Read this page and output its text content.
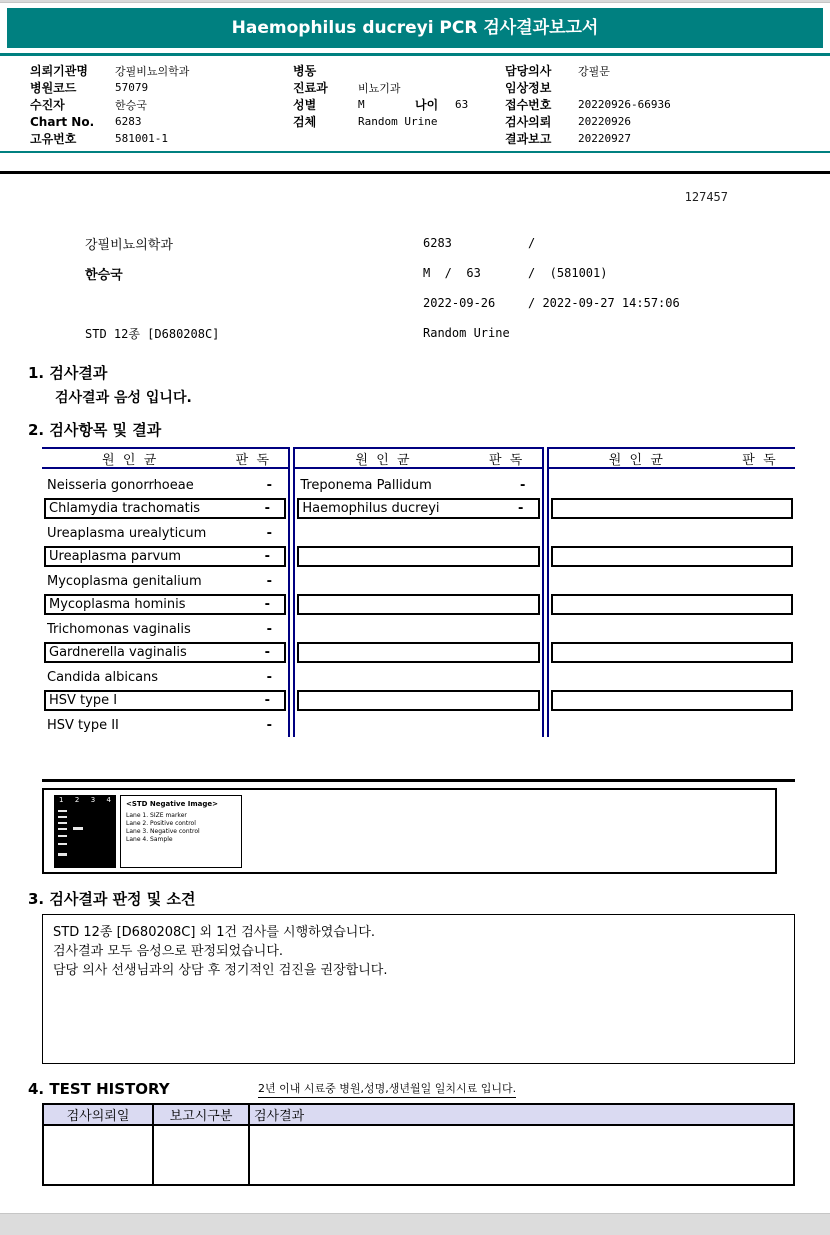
Haemophilus ducreyi PCR 검사결과보고서
의뢰기관명	강필비뇨의학과
병원코드	57079
수진자	한승국
Chart No.	6283
고유번호	581001-1
병동
진료과	비뇨기과
성별	M	나이	63
검체	Random Urine
담당의사	강필문
임상정보
접수번호	20220926-66936
검사의뢰	20220926
결과보고	20220927
127457
강필비뇨의학과	6283	/
한승국	M  /  63	/  (581001)
2022-09-26	/ 2022-09-27 14:57:06
STD 12종 [D680208C]	Random Urine
1. 검사결과
검사결과 음성 입니다.
2. 검사항목 및 결과
원  인  균	판  독
Neisseria gonorrhoeae	-
Chlamydia trachomatis	-
Ureaplasma urealyticum	-
Ureaplasma parvum	-
Mycoplasma genitalium	-
Mycoplasma hominis	-
Trichomonas vaginalis	-
Gardnerella vaginalis	-
Candida albicans	-
HSV type I	-
HSV type II	-
원  인  균	판  독
Treponema Pallidum	-
Haemophilus ducreyi	-
원  인  균	판  독
1 2 3 4 <STD Negative Image>
Lane 1. SIZE marker
Lane 2. Positive control
Lane 3. Negative control
Lane 4. Sample
3. 검사결과 판정 및 소견
STD 12종 [D680208C] 외 1건 검사를 시행하였습니다.
검사결과 모두 음성으로 판정되었습니다.
담당 의사 선생님과의 상담 후 정기적인 검진을 권장합니다.
4. TEST HISTORY	2년 이내 시료중 병원,성명,생년월일 일치시료 입니다.
검사의뢰일	보고시구분	검사결과
